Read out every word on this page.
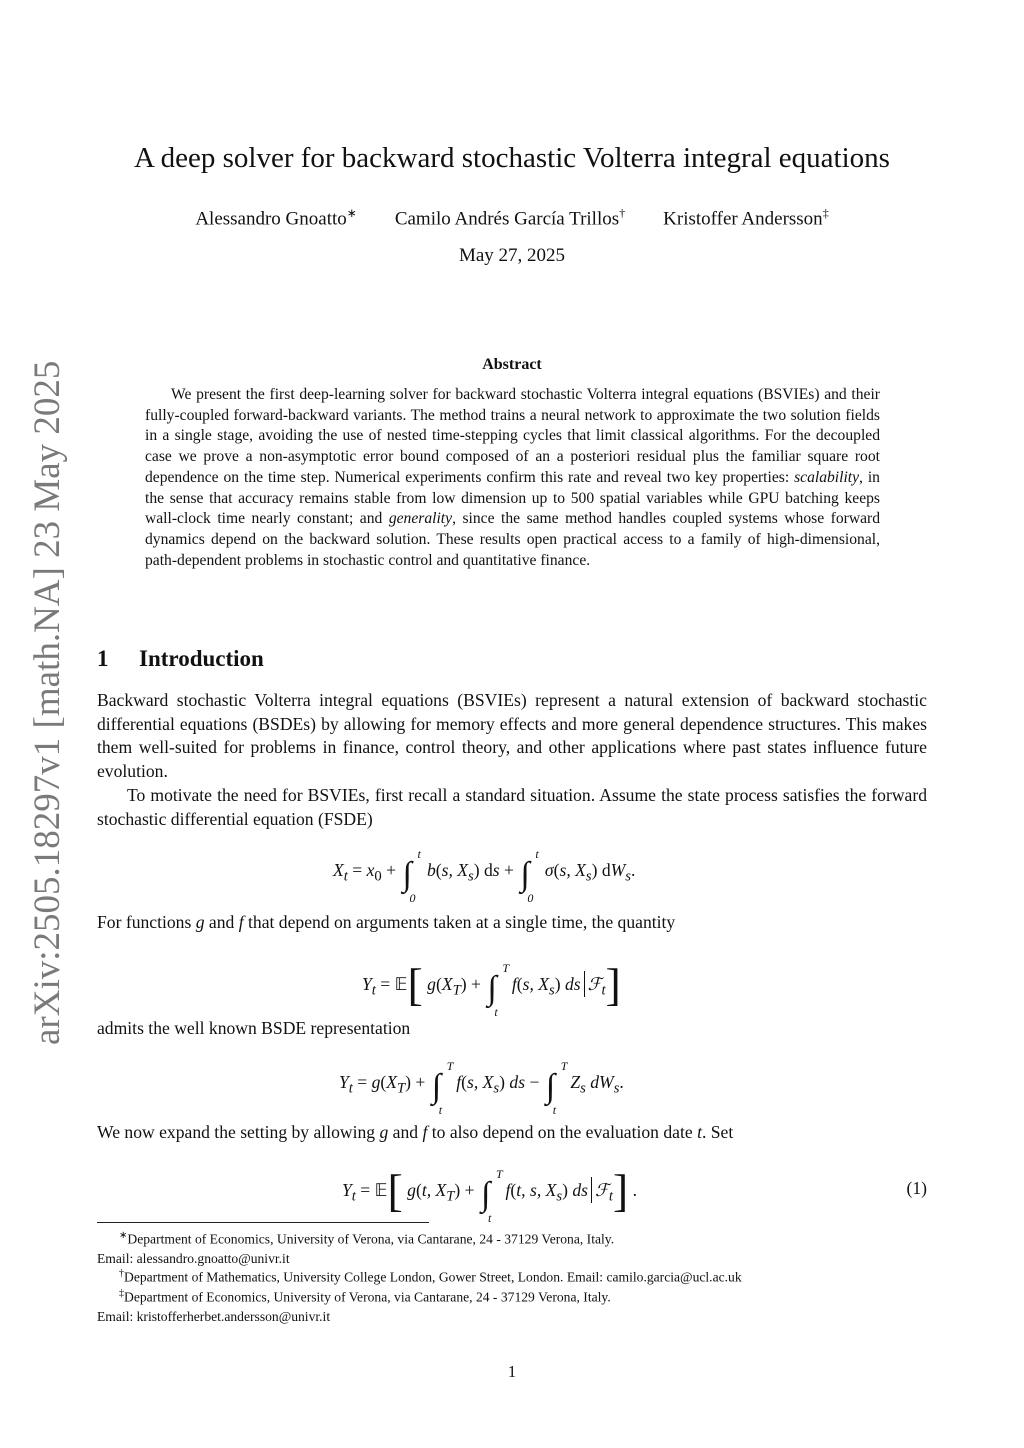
arXiv:2505.18297v1 [math.NA] 23 May 2025
A deep solver for backward stochastic Volterra integral equations
Alessandro Gnoatto∗ Camilo Andrés García Trillos† Kristoffer Andersson‡
May 27, 2025
Abstract

We present the first deep-learning solver for backward stochastic Volterra integral equations (BSVIEs) and their fully-coupled forward-backward variants. The method trains a neural network to approximate the two solution fields in a single stage, avoiding the use of nested time-stepping cycles that limit classical algorithms. For the decoupled case we prove a non-asymptotic error bound composed of an a posteriori residual plus the familiar square root dependence on the time step. Numerical experiments confirm this rate and reveal two key properties: scalability, in the sense that accuracy remains stable from low dimension up to 500 spatial variables while GPU batching keeps wall-clock time nearly constant; and generality, since the same method handles coupled systems whose forward dynamics depend on the backward solution. These results open practical access to a family of high-dimensional, path-dependent problems in stochastic control and quantitative finance.

1 Introduction

Backward stochastic Volterra integral equations (BSVIEs) represent a natural extension of backward stochastic differential equations (BSDEs) by allowing for memory effects and more general dependence structures. This makes them well-suited for problems in finance, control theory, and other applications where past states influence future evolution.

To motivate the need for BSVIEs, first recall a standard situation. Assume the state process satisfies the forward stochastic differential equation (FSDE)

$X_t = x_0$ + ∫
t
0
b(s, $X_s$) ds + ∫
t
0
σ(s, $X_s$) $dW_s$.

For functions g and f that depend on arguments taken at a single time, the quantity

$Y_t$ = 𝔼[ $g(X_T)$ + ∫
T
t
f(s, $X_s$) ds ℱ$_t$]

admits the well known BSDE representation

$Y_t = g(X_T)$ + ∫
T
t
f(s, $X_s$) ds − ∫
T
t
$Z_s$ $dW_s$.

We now expand the setting by allowing g and f to also depend on the evaluation date t. Set

$Y_t$ = 𝔼[ g(t, $X_T$) + ∫
T
t
f(t, s, $X_s$) ds ℱ$_t$] .	(1)
∗Department of Economics, University of Verona, via Cantarane, 24 - 37129 Verona, Italy.
Email: alessandro.gnoatto@univr.it
†Department of Mathematics, University College London, Gower Street, London. Email: camilo.garcia@ucl.ac.uk
‡Department of Economics, University of Verona, via Cantarane, 24 - 37129 Verona, Italy.
Email: kristofferherbet.andersson@univr.it
1
